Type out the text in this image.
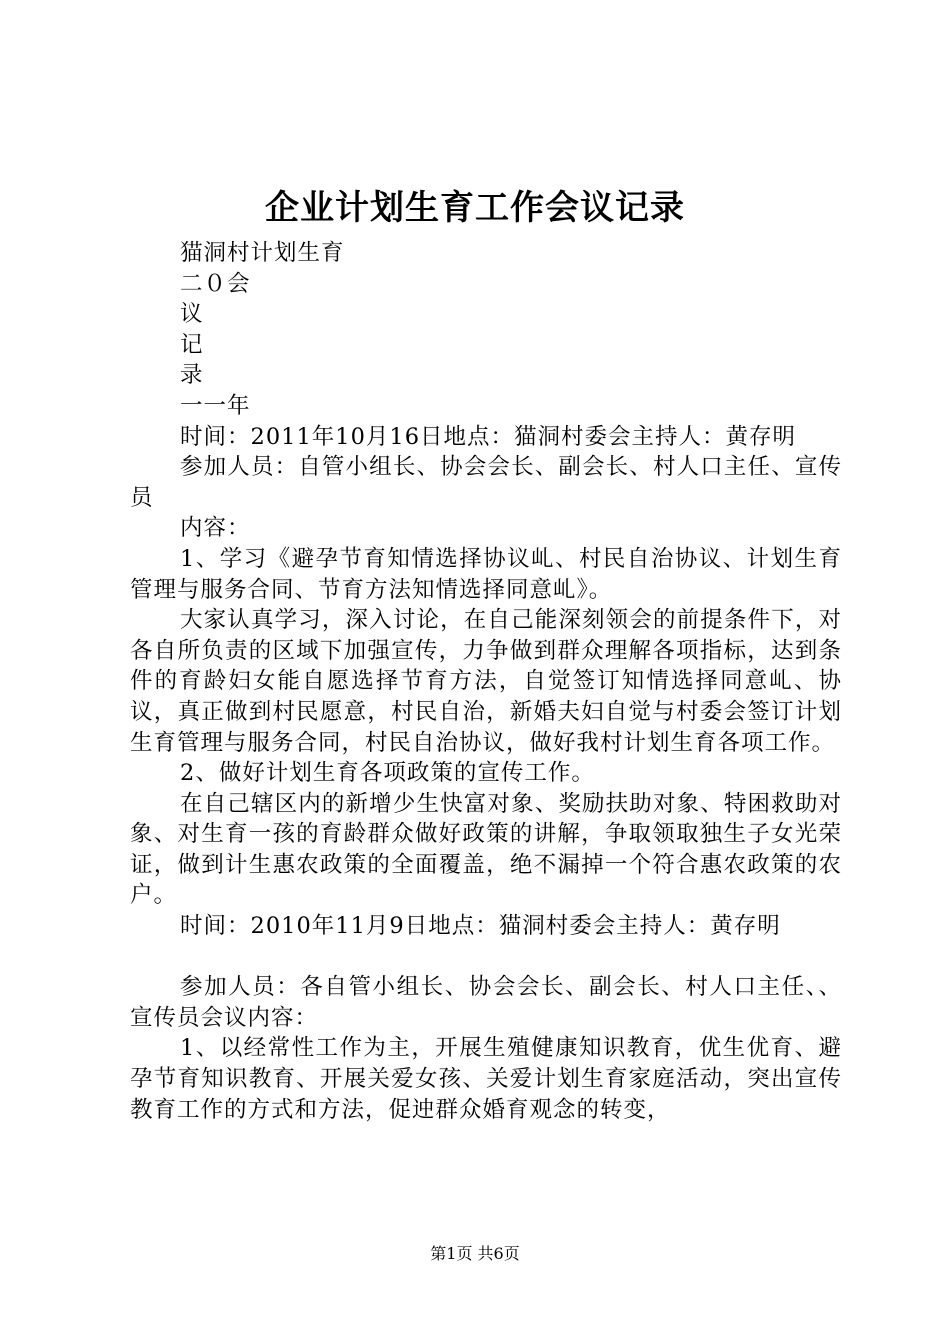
企业计划生育工作会议记录

猫洞村计划生育

二０会

议

记

录

一一年

时间：2011年10月16日地点：猫洞村委会主持人：黄存明

参加人员：自管小组长、协会会长、副会长、村人口主任、宣传员

内容：

1、学习《避孕节育知情选择协议乢、村民自治协议、计划生育管理与服务合同、节育方法知情选择同意乢》。

大家认真学习，深入讨论，在自己能深刻领会的前提条件下，对各自所负责的区域下加强宣传，力争做到群众理解各项指标，达到条件的育龄妇女能自愿选择节育方法，自觉签订知情选择同意乢、协议，真正做到村民愿意，村民自治，新婚夫妇自觉与村委会签订计划生育管理与服务合同，村民自治协议，做好我村计划生育各项工作。

2、做好计划生育各项政策的宣传工作。

在自己辖区内的新增少生快富对象、奖励扶助对象、特困救助对象、对生育一孩的育龄群众做好政策的讲解，争取领取独生子女光荣证，做到计生惠农政策的全面覆盖，绝不漏掉一个符合惠农政策的农户。

时间：2010年11月9日地点：猫洞村委会主持人：黄存明

参加人员：各自管小组长、协会会长、副会长、村人口主任、、宣传员会议内容：

1、以经常性工作为主，开展生殖健康知识教育，优生优育、避孕节育知识教育、开展关爱女孩、关爱计划生育家庭活动，突出宣传教育工作的方式和方法，促迚群众婚育观念的转变，

第1页 共6页
